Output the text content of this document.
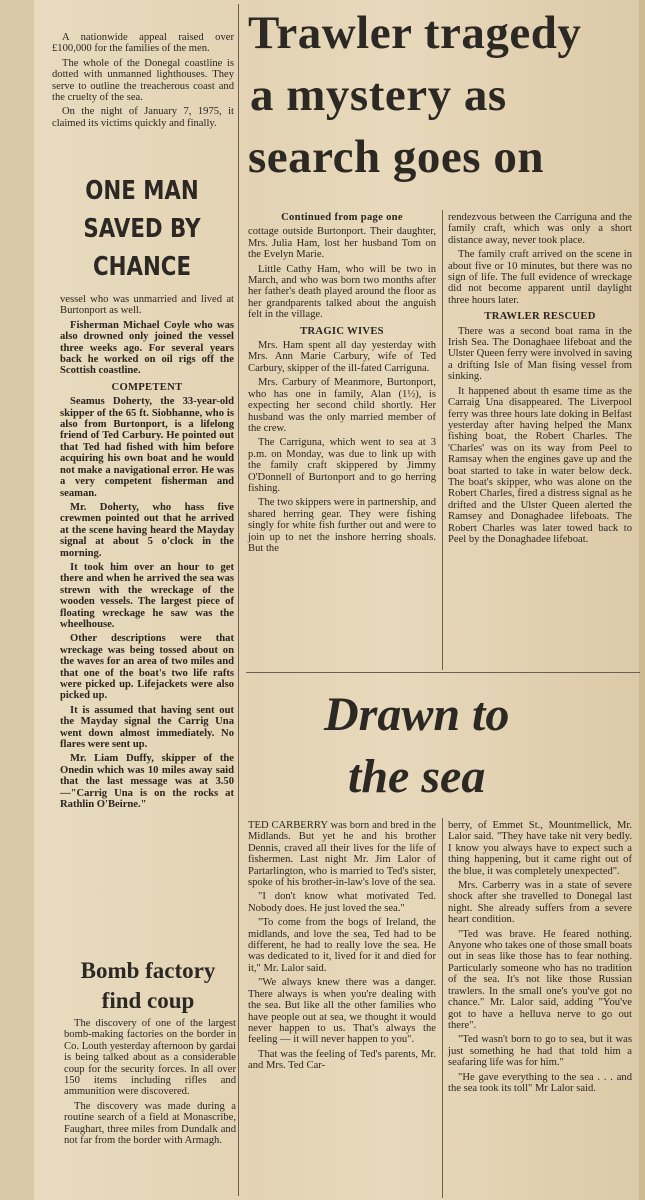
A nationwide appeal raised over £100,000 for the families of the men.

The whole of the Donegal coastline is dotted with unmanned lighthouses. They serve to outline the treacherous coast and the cruelty of the sea.

On the night of January 7, 1975, it claimed its victims quickly and finally.

ONE MAN SAVED BY CHANCE

vessel who was unmarried and lived at Burtonport as well.

Fisherman Michael Coyle who was also drowned only joined the vessel three weeks ago. For several years back he worked on oil rigs off the Scottish coastline.

COMPETENT

Seamus Doherty, the 33-year-old skipper of the 65 ft. Siobhanne, who is also from Burtonport, is a lifelong friend of Ted Carbury. He pointed out that Ted had fished with him before acquiring his own boat and he would not make a navigational error. He was a very competent fisherman and seaman.

Mr. Doherty, who hass five crewmen pointed out that he arrived at the scene having heard the Mayday signal at about 5 o'clock in the morning.

It took him over an hour to get there and when he arrived the sea was strewn with the wreckage of the wooden vessels. The largest piece of floating wreckage he saw was the wheelhouse.

Other descriptions were that wreckage was being tossed about on the waves for an area of two miles and that one of the boat's two life rafts were picked up. Lifejackets were also picked up.

It is assumed that having sent out the Mayday signal the Carrig Una went down almost immediately. No flares were sent up.

Mr. Liam Duffy, skipper of the Onedin which was 10 miles away said that the last message was at 3.50—"Carrig Una is on the rocks at Rathlin O'Beirne."

Bomb factory find coup

The discovery of one of the largest bomb-making factories on the border in Co. Louth yesterday afternoon by gardai is being talked about as a considerable coup for the security forces. In all over 150 items including rifles and ammunition were discovered.

The discovery was made during a routine search of a field at Monascribe, Faughart, three miles from Dundalk and not far from the border with Armagh.

Trawler tragedy
a mystery as
search goes on
Continued from page one

cottage outside Burtonport. Their daughter, Mrs. Julia Ham, lost her husband Tom on the Evelyn Marie.

Little Cathy Ham, who will be two in March, and who was born two months after her father's death played around the floor as her grandparents talked about the anguish felt in the village.

TRAGIC WIVES

Mrs. Ham spent all day yesterday with Mrs. Ann Marie Carbury, wife of Ted Carbury, skipper of the ill-fated Carriguna.

Mrs. Carbury of Meanmore, Burtonport, who has one in family, Alan (1½), is expecting her second child shortly. Her husband was the only married member of the crew.

The Carriguna, which went to sea at 3 p.m. on Monday, was due to link up with the family craft skippered by Jimmy O'Donnell of Burtonport and to go herring fishing.

The two skippers were in partnership, and shared herring gear. They were fishing singly for white fish further out and were to join up to net the inshore herring shoals. But the

rendezvous between the Carriguna and the family craft, which was only a short distance away, never took place.

The family craft arrived on the scene in about five or 10 minutes, but there was no sign of life. The full evidence of wreckage did not become apparent until daylight three hours later.

TRAWLER RESCUED

There was a second boat rama in the Irish Sea. The Donaghaee lifeboat and the Ulster Queen ferry were involved in saving a drifting Isle of Man fising vessel from sinking.

It happened about th esame time as the Carraig Una disappeared. The Liverpool ferry was three hours late doking in Belfast yesterday after having helped the Manx fishing boat, the Robert Charles. The 'Charles' was on its way from Peel to Ramsay when the engines gave up and the boat started to take in water below deck. The boat's skipper, who was alone on the Robert Charles, fired a distress signal as he drifted and the Ulster Queen alerted the Ramsey and Donaghadee lifeboats. The Robert Charles was later towed back to Peel by the Donaghadee lifeboat.

Drawn to
the sea

TED CARBERRY was born and bred in the Midlands. But yet he and his brother Dennis, craved all their lives for the life of fishermen. Last night Mr. Jim Lalor of Partarlington, who is married to Ted's sister, spoke of his brother-in-law's love of the sea.

"I don't know what motivated Ted. Nobody does. He just loved the sea."

"To come from the bogs of Ireland, the midlands, and love the sea, Ted had to be different, he had to really love the sea. He was dedicated to it, lived for it and died for it," Mr. Lalor said.

"We always knew there was a danger. There always is when you're dealing with the sea. But like all the other families who have people out at sea, we thought it would never happen to us. That's always the feeling — it will never happen to you".

That was the feeling of Ted's parents, Mr. and Mrs. Ted Car-

berry, of Emmet St., Mountmellick, Mr. Lalor said. "They have take nit very bedly. I know you always have to expect such a thing happening, but it came right out of the blue, it was completely unexpected".

Mrs. Carberry was in a state of severe shock after she travelled to Donegal last night. She already suffers from a severe heart condition.

"Ted was brave. He feared nothing. Anyone who takes one of those small boats out in seas like those has to fear nothing. Particularly someone who has no tradition of the sea. It's not like those Russian trawlers. In the small one's you've got no chance." Mr. Lalor said, adding "You've got to have a helluva nerve to go out there".

"Ted wasn't born to go to sea, but it was just something he had that told him a seafaring life was for him."

"He gave everything to the sea . . . and the sea took its toll" Mr Lalor said.
